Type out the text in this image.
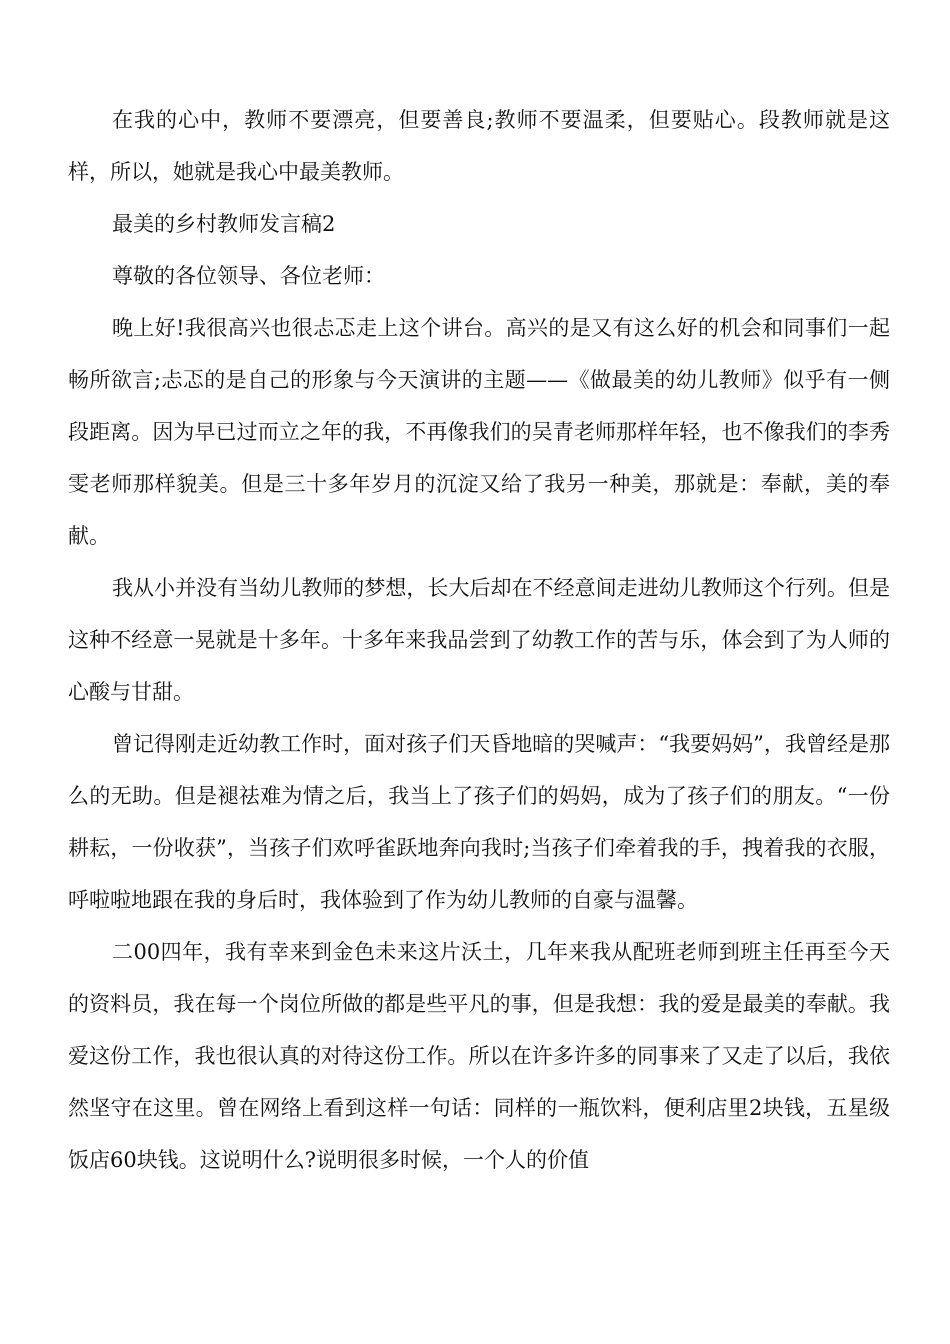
在我的心中，教师不要漂亮，但要善良;教师不要温柔，但要贴心。段教师就是这样，所以，她就是我心中最美教师。

最美的乡村教师发言稿2

尊敬的各位领导、各位老师：

晚上好!我很高兴也很忐忑走上这个讲台。高兴的是又有这么好的机会和同事们一起畅所欲言;忐忑的是自己的形象与今天演讲的主题——《做最美的幼儿教师》似乎有一侧段距离。因为早已过而立之年的我，不再像我们的吴青老师那样年轻，也不像我们的李秀雯老师那样貌美。但是三十多年岁月的沉淀又给了我另一种美，那就是：奉献，美的奉献。

我从小并没有当幼儿教师的梦想，长大后却在不经意间走进幼儿教师这个行列。但是这种不经意一晃就是十多年。十多年来我品尝到了幼教工作的苦与乐，体会到了为人师的心酸与甘甜。

曾记得刚走近幼教工作时，面对孩子们天昏地暗的哭喊声：“我要妈妈”，我曾经是那么的无助。但是褪祛难为情之后，我当上了孩子们的妈妈，成为了孩子们的朋友。“一份耕耘，一份收获”，当孩子们欢呼雀跃地奔向我时;当孩子们牵着我的手，拽着我的衣服，呼啦啦地跟在我的身后时，我体验到了作为幼儿教师的自豪与温馨。

二00四年，我有幸来到金色未来这片沃土，几年来我从配班老师到班主任再至今天的资料员，我在每一个岗位所做的都是些平凡的事，但是我想：我的爱是最美的奉献。我爱这份工作，我也很认真的对待这份工作。所以在许多许多的同事来了又走了以后，我依然坚守在这里。曾在网络上看到这样一句话：同样的一瓶饮料，便利店里2块钱，五星级饭店60块钱。这说明什么?说明很多时候，一个人的价值
